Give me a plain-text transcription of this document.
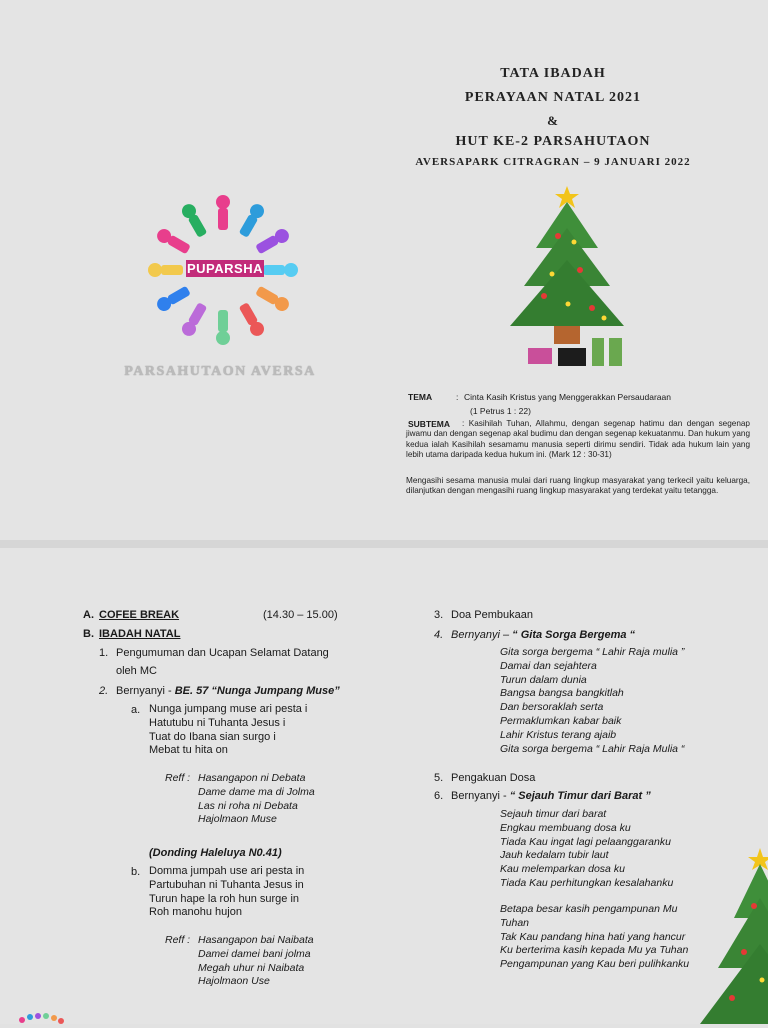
TATA IBADAH
PERAYAAN NATAL 2021
&
HUT KE-2 PARSAHUTAON
AVERSAPARK CITRAGRAN – 9 JANUARI 2022
PUPARSHA
PARSAHUTAON AVERSA
TEMA	: Cinta Kasih Kristus yang Menggerakkan Persaudaraan
(1 Petrus 1 : 22)
SUBTEMA	: Kasihilah Tuhan, Allahmu, dengan segenap hatimu dan dengan segenap jiwamu dan dengan segenap akal budimu dan dengan segenap kekuatanmu. Dan hukum yang kedua ialah Kasihilah sesamamu manusia seperti dirimu sendiri. Tidak ada hukum lain yang lebih utama daripada kedua hukum ini. (Mark 12 : 30-31)
Mengasihi sesama manusia mulai dari ruang lingkup masyarakat yang terkecil yaitu keluarga, dilanjutkan dengan mengasihi ruang lingkup masyarakat yang terdekat yaitu tetangga.
A. COFEE BREAK	(14.30 – 15.00)
B. IBADAH NATAL
1. Pengumuman dan Ucapan Selamat Datang
oleh MC
2. Bernyanyi - BE. 57 “Nunga Jumpang Muse”
a. Nunga jumpang muse ari pesta i
Hatutubu ni Tuhanta Jesus i
Tuat do Ibana sian surgo i
Mebat tu hita on
Reff : Hasangapon ni Debata
Dame dame ma di Jolma
Las ni roha ni Debata
Hajolmaon Muse
(Donding Haleluya N0.41)
b. Domma jumpah use ari pesta in
Partubuhan ni Tuhanta Jesus in
Turun hape la roh hun surge in
Roh manohu hujon
Reff : Hasangapon bai Naibata
Damei damei bani jolma
Megah uhur ni Naibata
Hajolmaon Use
3. Doa Pembukaan
4. Bernyanyi – “ Gita Sorga Bergema “
Gita sorga bergema “ Lahir Raja mulia ”
Damai dan sejahtera
Turun dalam dunia
Bangsa bangsa bangkitlah
Dan bersoraklah serta
Permaklumkan kabar baik
Lahir Kristus terang ajaib
Gita sorga bergema “ Lahir Raja Mulia “
5. Pengakuan Dosa
6. Bernyanyi - “ Sejauh Timur dari Barat ”
Sejauh timur dari barat
Engkau membuang dosa ku
Tiada Kau ingat lagi pelaanggaranku
Jauh kedalam tubir laut
Kau melemparkan dosa ku
Tiada Kau perhitungkan kesalahanku
Betapa besar kasih pengampunan Mu
Tuhan
Tak Kau pandang hina hati yang hancur
Ku berterima kasih kepada Mu ya Tuhan
Pengampunan yang Kau beri pulihkanku
